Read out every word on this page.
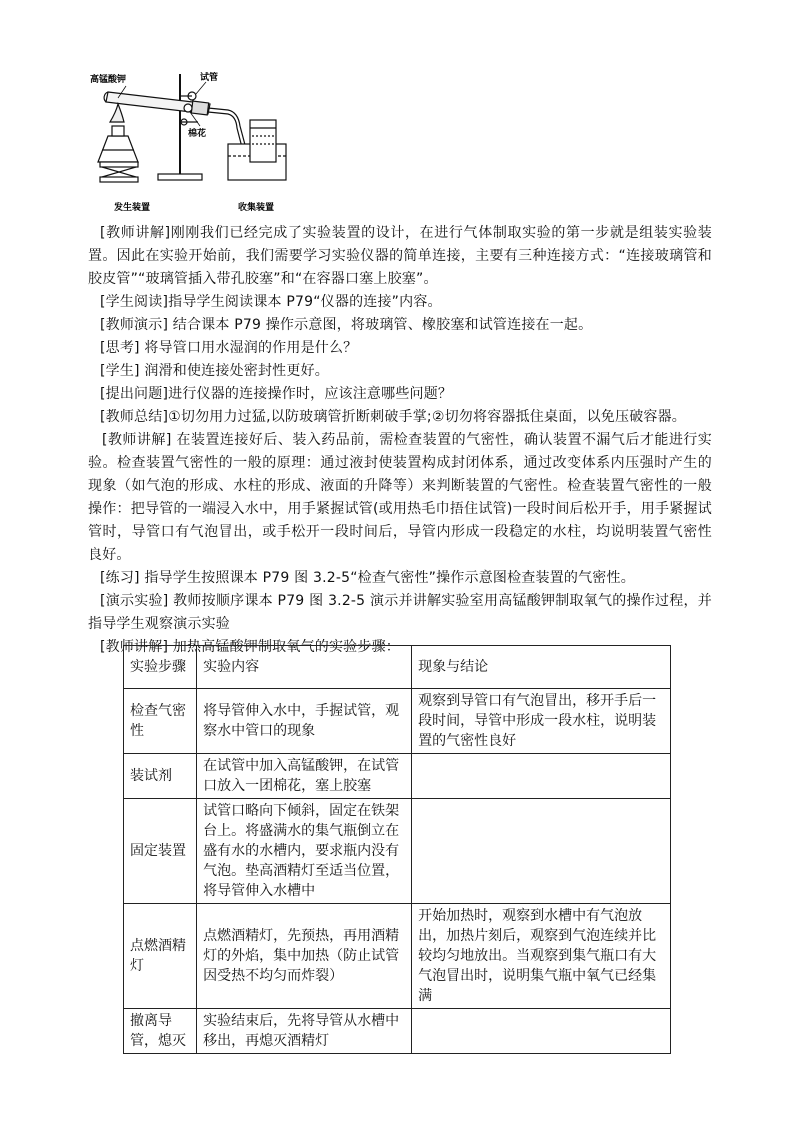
高锰酸钾	试管
棉花
发生装置	收集装置

[教师讲解]刚刚我们已经完成了实验装置的设计，在进行气体制取实验的第一步就是组装实验装置。因此在实验开始前，我们需要学习实验仪器的简单连接，主要有三种连接方式：“连接玻璃管和胶皮管”“玻璃管插入带孔胶塞”和“在容器口塞上胶塞”。

[学生阅读]指导学生阅读课本 P79“仪器的连接”内容。

[教师演示] 结合课本 P79 操作示意图，将玻璃管、橡胶塞和试管连接在一起。

[思考] 将导管口用水湿润的作用是什么？

[学生] 润滑和使连接处密封性更好。

[提出问题]进行仪器的连接操作时，应该注意哪些问题？

[教师总结]①切勿用力过猛,以防玻璃管折断刺破手掌;②切勿将容器抵住桌面，以免压破容器。

[教师讲解] 在装置连接好后、装入药品前，需检查装置的气密性，确认装置不漏气后才能进行实验。检查装置气密性的一般的原理：通过液封使装置构成封闭体系，通过改变体系内压强时产生的现象（如气泡的形成、水柱的形成、液面的升降等）来判断装置的气密性。检查装置气密性的一般操作：把导管的一端浸入水中，用手紧握试管(或用热毛巾捂住试管)一段时间后松开手，用手紧握试管时，导管口有气泡冒出，或手松开一段时间后，导管内形成一段稳定的水柱，均说明装置气密性良好。

[练习] 指导学生按照课本 P79 图 3.2-5“检查气密性”操作示意图检查装置的气密性。

[演示实验] 教师按顺序课本 P79 图 3.2-5 演示并讲解实验室用高锰酸钾制取氧气的操作过程，并指导学生观察演示实验

[教师讲解] 加热高锰酸钾制取氧气的实验步骤：

实验步骤	实验内容	现象与结论
检查气密性	将导管伸入水中，手握试管，观察水中管口的现象	观察到导管口有气泡冒出，移开手后一段时间，导管中形成一段水柱，说明装置的气密性良好
装试剂	在试管中加入高锰酸钾，在试管口放入一团棉花，塞上胶塞	
固定装置	试管口略向下倾斜，固定在铁架台上。将盛满水的集气瓶倒立在盛有水的水槽内，要求瓶内没有气泡。垫高酒精灯至适当位置，将导管伸入水槽中	
点燃酒精灯	点燃酒精灯，先预热，再用酒精灯的外焰，集中加热（防止试管因受热不均匀而炸裂）	开始加热时，观察到水槽中有气泡放出，加热片刻后，观察到气泡连续并比较均匀地放出。当观察到集气瓶口有大气泡冒出时，说明集气瓶中氧气已经集满
撤离导管，熄灭	实验结束后，先将导管从水槽中移出，再熄灭酒精灯	
